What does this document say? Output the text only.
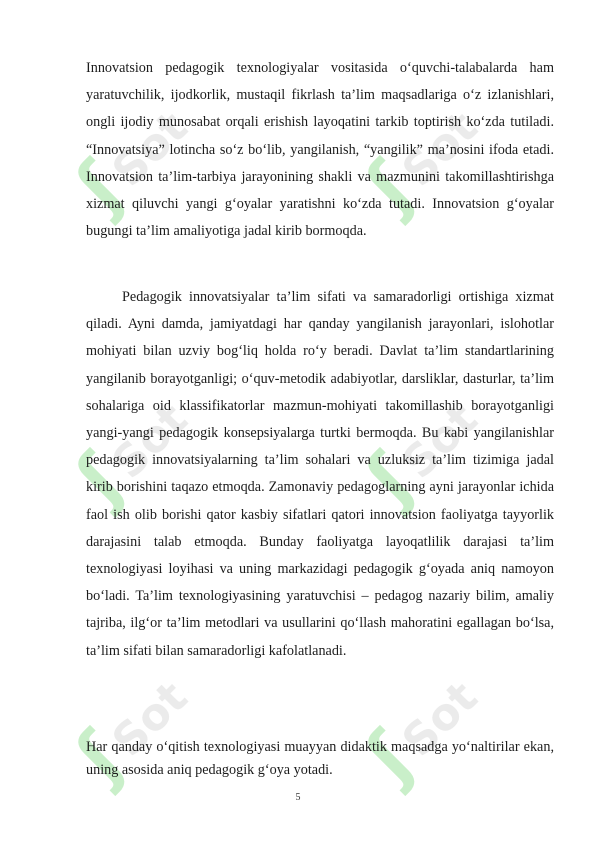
ʃSot ʃSot
ʃSot ʃSot
ʃSot ʃSot

Innovatsion pedagogik texnologiyalar vositasida o‘quvchi-talabalarda ham yaratuvchilik, ijodkorlik, mustaqil fikrlash ta’lim maqsadlariga o‘z izlanishlari, ongli ijodiy munosabat orqali erishish layoqatini tarkib toptirish ko‘zda tutiladi. “Innovatsiya” lotincha so‘z bo‘lib, yangilanish, “yangilik” ma’nosini ifoda etadi. Innovatsion ta’lim-tarbiya jarayonining shakli va mazmunini takomillashtirishga xizmat qiluvchi yangi g‘oyalar yaratishni ko‘zda tutadi. Innovatsion g‘oyalar bugungi ta’lim amaliyotiga jadal kirib bormoqda.

Pedagogik innovatsiyalar ta’lim sifati va samaradorligi ortishiga xizmat qiladi. Ayni damda, jamiyatdagi har qanday yangilanish jarayonlari, islohotlar mohiyati bilan uzviy bog‘liq holda ro‘y beradi. Davlat ta’lim standartlarining yangilanib borayotganligi; o‘quv-metodik adabiyotlar, darsliklar, dasturlar, ta’lim sohalariga oid klassifikatorlar mazmun-mohiyati takomillashib borayotganligi yangi-yangi pedagogik konsepsiyalarga turtki bermoqda. Bu kabi yangilanishlar pedagogik innovatsiyalarning ta’lim sohalari va uzluksiz ta’lim tizimiga jadal kirib borishini taqazo etmoqda. Zamonaviy pedagoglarning ayni jarayonlar ichida faol ish olib borishi qator kasbiy sifatlari qatori innovatsion faoliyatga tayyorlik darajasini talab etmoqda. Bunday faoliyatga layoqatlilik darajasi ta’lim texnologiyasi loyihasi va uning markazidagi pedagogik g‘oyada aniq namoyon bo‘ladi. Ta’lim texnologiyasining yaratuvchisi – pedagog nazariy bilim, amaliy tajriba, ilg‘or ta’lim metodlari va usullarini qo‘llash mahoratini egallagan bo‘lsa, ta’lim sifati bilan samaradorligi kafolatlanadi.

Har qanday o‘qitish texnologiyasi muayyan didaktik maqsadga yo‘naltirilar ekan, uning asosida aniq pedagogik g‘oya yotadi.

5
